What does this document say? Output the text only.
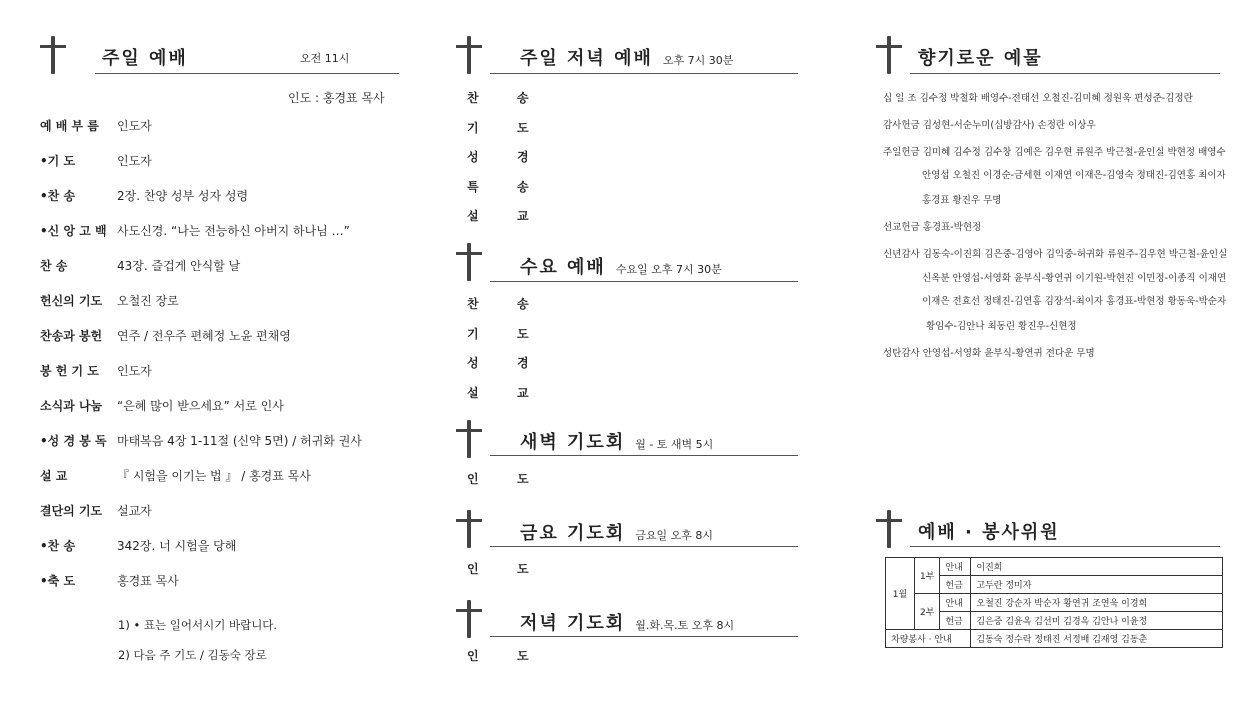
주일 예배	오전 11시
인도 : 홍경표 목사
예 배 부 름 인도자
•기 도	인도자
•찬 송	2장. 찬양 성부 성자 성령
•신 앙 고 백 사도신경. “나는 전능하신 아버지 하나님 …”
찬 송	43장. 즐겁게 안식할 날
헌신의 기도 오철진 장로
찬송과 봉헌 연주 / 전우주 편혜정 노윤 편채영
봉 헌 기 도 인도자
소식과 나눔 “은혜 많이 받으세요” 서로 인사
•성 경 봉 독 마태복음 4장 1-11절 (신약 5면) / 허귀화 권사
설 교	『 시험을 이기는 법 』 / 홍경표 목사
결단의 기도 설교자
•찬 송	342장. 너 시험을 당해
•축 도	홍경표 목사
1) • 표는 일어서시기 바랍니다.
2) 다음 주 기도 / 김동숙 장로
주일 저녁 예배 오후 7시 30분
찬	송
기	도
성	경
특	송
설	교
수요 예배 수요일 오후 7시 30분
찬	송
기	도
성	경
설	교
새벽 기도회 월 - 토 새벽 5시
인	도
금요 기도회 금요일 오후 8시
인	도
저녁 기도회 월.화.목.토 오후 8시
인	도
향기로운 예물
십 일 조 김수정 박철화 배영수-전태선 오철진-김미혜 정원욱 편성준-김정란
감사헌금 김성현-서순누미(십방감사) 손정란 이상우
주일헌금 김미혜 김수정 김수창 김예은 김우현 류원주 박근철-윤인실 박현정 배영수
안영섭 오철진 이경순-금세현 이재연 이재은-김영숙 정태진-김연홍 최이자
홍경표 황진우 무명
선교헌금 홍경표-박현정
신년감사 김동숙-이진희 김은중-김영아 김익중-허귀화 류원주-김우현 박근철-윤인실
신옥분 안영섭-서영화 윤부식-황연귀 이기원-박현진 이민정-이종직 이재연
이재은 전효선 정태진-김연홍 김장석-최이자 홍경표-박현정 황동욱-박순자
황임수-김안나 최동린 황진우-신현정
성탄감사 안영섭-서영화 윤부식-황연귀 전다운 무명
예배 · 봉사위원
1월	1부	안내	이진희
		헌금	고두란 정미자
	2부	안내	오철진 강순자 박순자 황연귀 조연욱 이경희
		헌금	김은중 김윤옥 김선미 김경옥 김안나 이윤정
차량봉사 · 안내			김동숙 정수락 정태진 서정배 김재영 김동춘
